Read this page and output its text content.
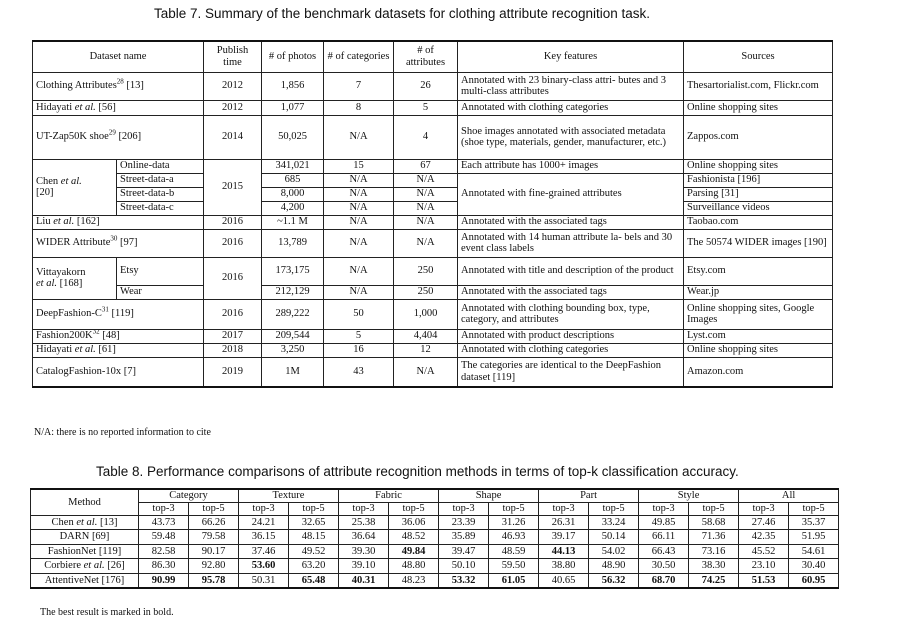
Table 7. Summary of the benchmark datasets for clothing attribute recognition task.
Dataset name		Publish time	# of photos	# of categories	# of attributes	Key features	Sources
Clothing Attributes$^{28}$ [13]		2012	1,856	7	26	Annotated with 23 binary-class attri- butes and 3 multi-class attributes	Thesartorialist.com, Flickr.com
Hidayati et al. [56]		2012	1,077	8	5	Annotated with clothing categories	Online shopping sites
UT-Zap50K shoe$^{29}$ [206]		2014	50,025	N/A	4	Shoe images annotated with associated metadata (shoe type, materials, gender, manufacturer, etc.)	Zappos.com
Chen et al.
[20]	Online-data	2015	341,021	15	67	Each attribute has 1000+ images	Online shopping sites
	Street-data-a		685	N/A	N/A	Annotated with fine-grained attributes	Fashionista [196]
	Street-data-b		8,000	N/A	N/A		Parsing [31]
	Street-data-c		4,200	N/A	N/A		Surveillance videos
Liu et al. [162]		2016	~1.1 M	N/A	N/A	Annotated with the associated tags	Taobao.com
WIDER Attribute$^{30}$ [97]		2016	13,789	N/A	N/A	Annotated with 14 human attribute la- bels and 30 event class labels	The 50574 WIDER images [190]
Vittayakorn
et al. [168]	Etsy	2016	173,175	N/A	250	Annotated with title and description of the product	Etsy.com
	Wear		212,129	N/A	250	Annotated with the associated tags	Wear.jp
DeepFashion-$C^{31}$ [119]		2016	289,222	50	1,000	Annotated with clothing bounding box, type, category, and attributes	Online shopping sites, Google Images
$Fashion200K^{32}$ [48]		2017	209,544	5	4,404	Annotated with product descriptions	Lyst.com
Hidayati et al. [61]		2018	3,250	16	12	Annotated with clothing categories	Online shopping sites
CatalogFashion-10x [7]		2019	1M	43	N/A	The categories are identical to the DeepFashion dataset [119]	Amazon.com
N/A: there is no reported information to cite
Table 8. Performance comparisons of attribute recognition methods in terms of top-k classification accuracy.
Method	Category		Texture		Fabric		Shape		Part		Style		All	
	top-3	top-5	top-3	top-5	top-3	top-5	top-3	top-5	top-3	top-5	top-3	top-5	top-3	top-5
Chen et al. [13]	43.73	66.26	24.21	32.65	25.38	36.06	23.39	31.26	26.31	33.24	49.85	58.68	27.46	35.37
DARN [69]	59.48	79.58	36.15	48.15	36.64	48.52	35.89	46.93	39.17	50.14	66.11	71.36	42.35	51.95
FashionNet [119]	82.58	90.17	37.46	49.52	39.30	49.84	39.47	48.59	44.13	54.02	66.43	73.16	45.52	54.61
Corbiere et al. [26]	86.30	92.80	53.60	63.20	39.10	48.80	50.10	59.50	38.80	48.90	30.50	38.30	23.10	30.40
AttentiveNet [176]	90.99	95.78	50.31	65.48	40.31	48.23	53.32	61.05	40.65	56.32	68.70	74.25	51.53	60.95
The best result is marked in bold.
